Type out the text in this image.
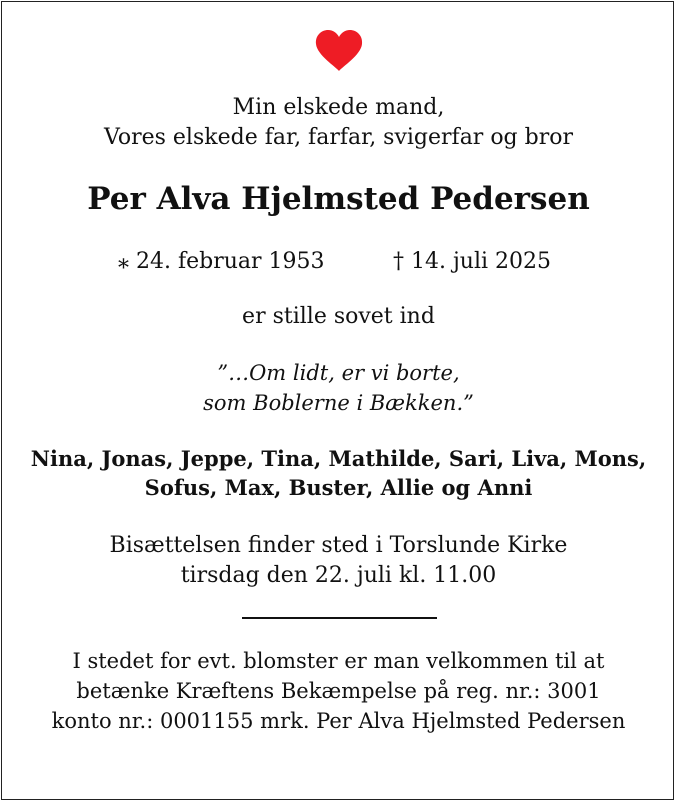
Min elskede mand,
Vores elskede far, farfar, svigerfar og bror
Per Alva Hjelmsted Pedersen
⁎ 24. februar 1953	† 14. juli 2025
er stille sovet ind
”…Om lidt, er vi borte,
som Boblerne i Bækken.”
Nina, Jonas, Jeppe, Tina, Mathilde, Sari, Liva, Mons,
Sofus, Max, Buster, Allie og Anni
Bisættelsen finder sted i Torslunde Kirke
tirsdag den 22. juli kl. 11.00
I stedet for evt. blomster er man velkommen til at
betænke Kræftens Bekæmpelse på reg. nr.: 3001
konto nr.: 0001155 mrk. Per Alva Hjelmsted Pedersen
